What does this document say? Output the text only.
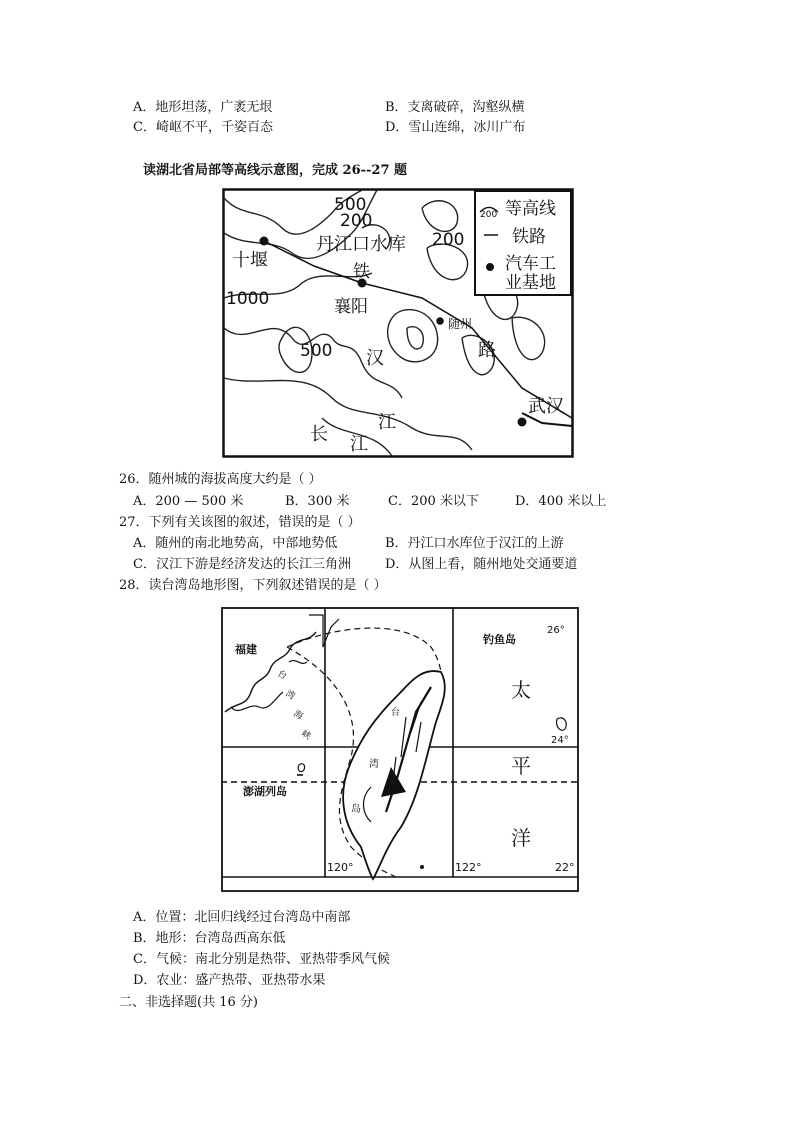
A．地形坦荡，广袤无垠	B．支离破碎，沟壑纵横
C．崎岖不平，千姿百态	D．雪山连绵，冰川广布
读湖北省局部等高线示意图，完成 26--27 题
500
200
丹江口水库 200
十堰
铁
1000	襄阳
随州
500 汉	路
武汉
长 江
江
200 等高线
铁路
汽车工
业基地
26．随州城的海拔高度大约是（ ）
A．200 — 500 米	B．300 米	C．200 米以下	D．400 米以上
27．下列有关该图的叙述，错误的是（ ）
A．随州的南北地势高，中部地势低	B．丹江口水库位于汉江的上游
C．汉江下游是经济发达的长江三角洲	D．从图上看，随州地处交通要道
28．读台湾岛地形图，下列叙述错误的是（ ）
福建
钓鱼岛
26°
太
24°
平
洋
22°
120°	122°
澎湖列岛
台
湾
海
峡
台
湾
岛
A．位置：北回归线经过台湾岛中南部
B．地形：台湾岛西高东低
C．气候：南北分别是热带、亚热带季风气候
D．农业：盛产热带、亚热带水果
二、非选择题(共 16 分)
